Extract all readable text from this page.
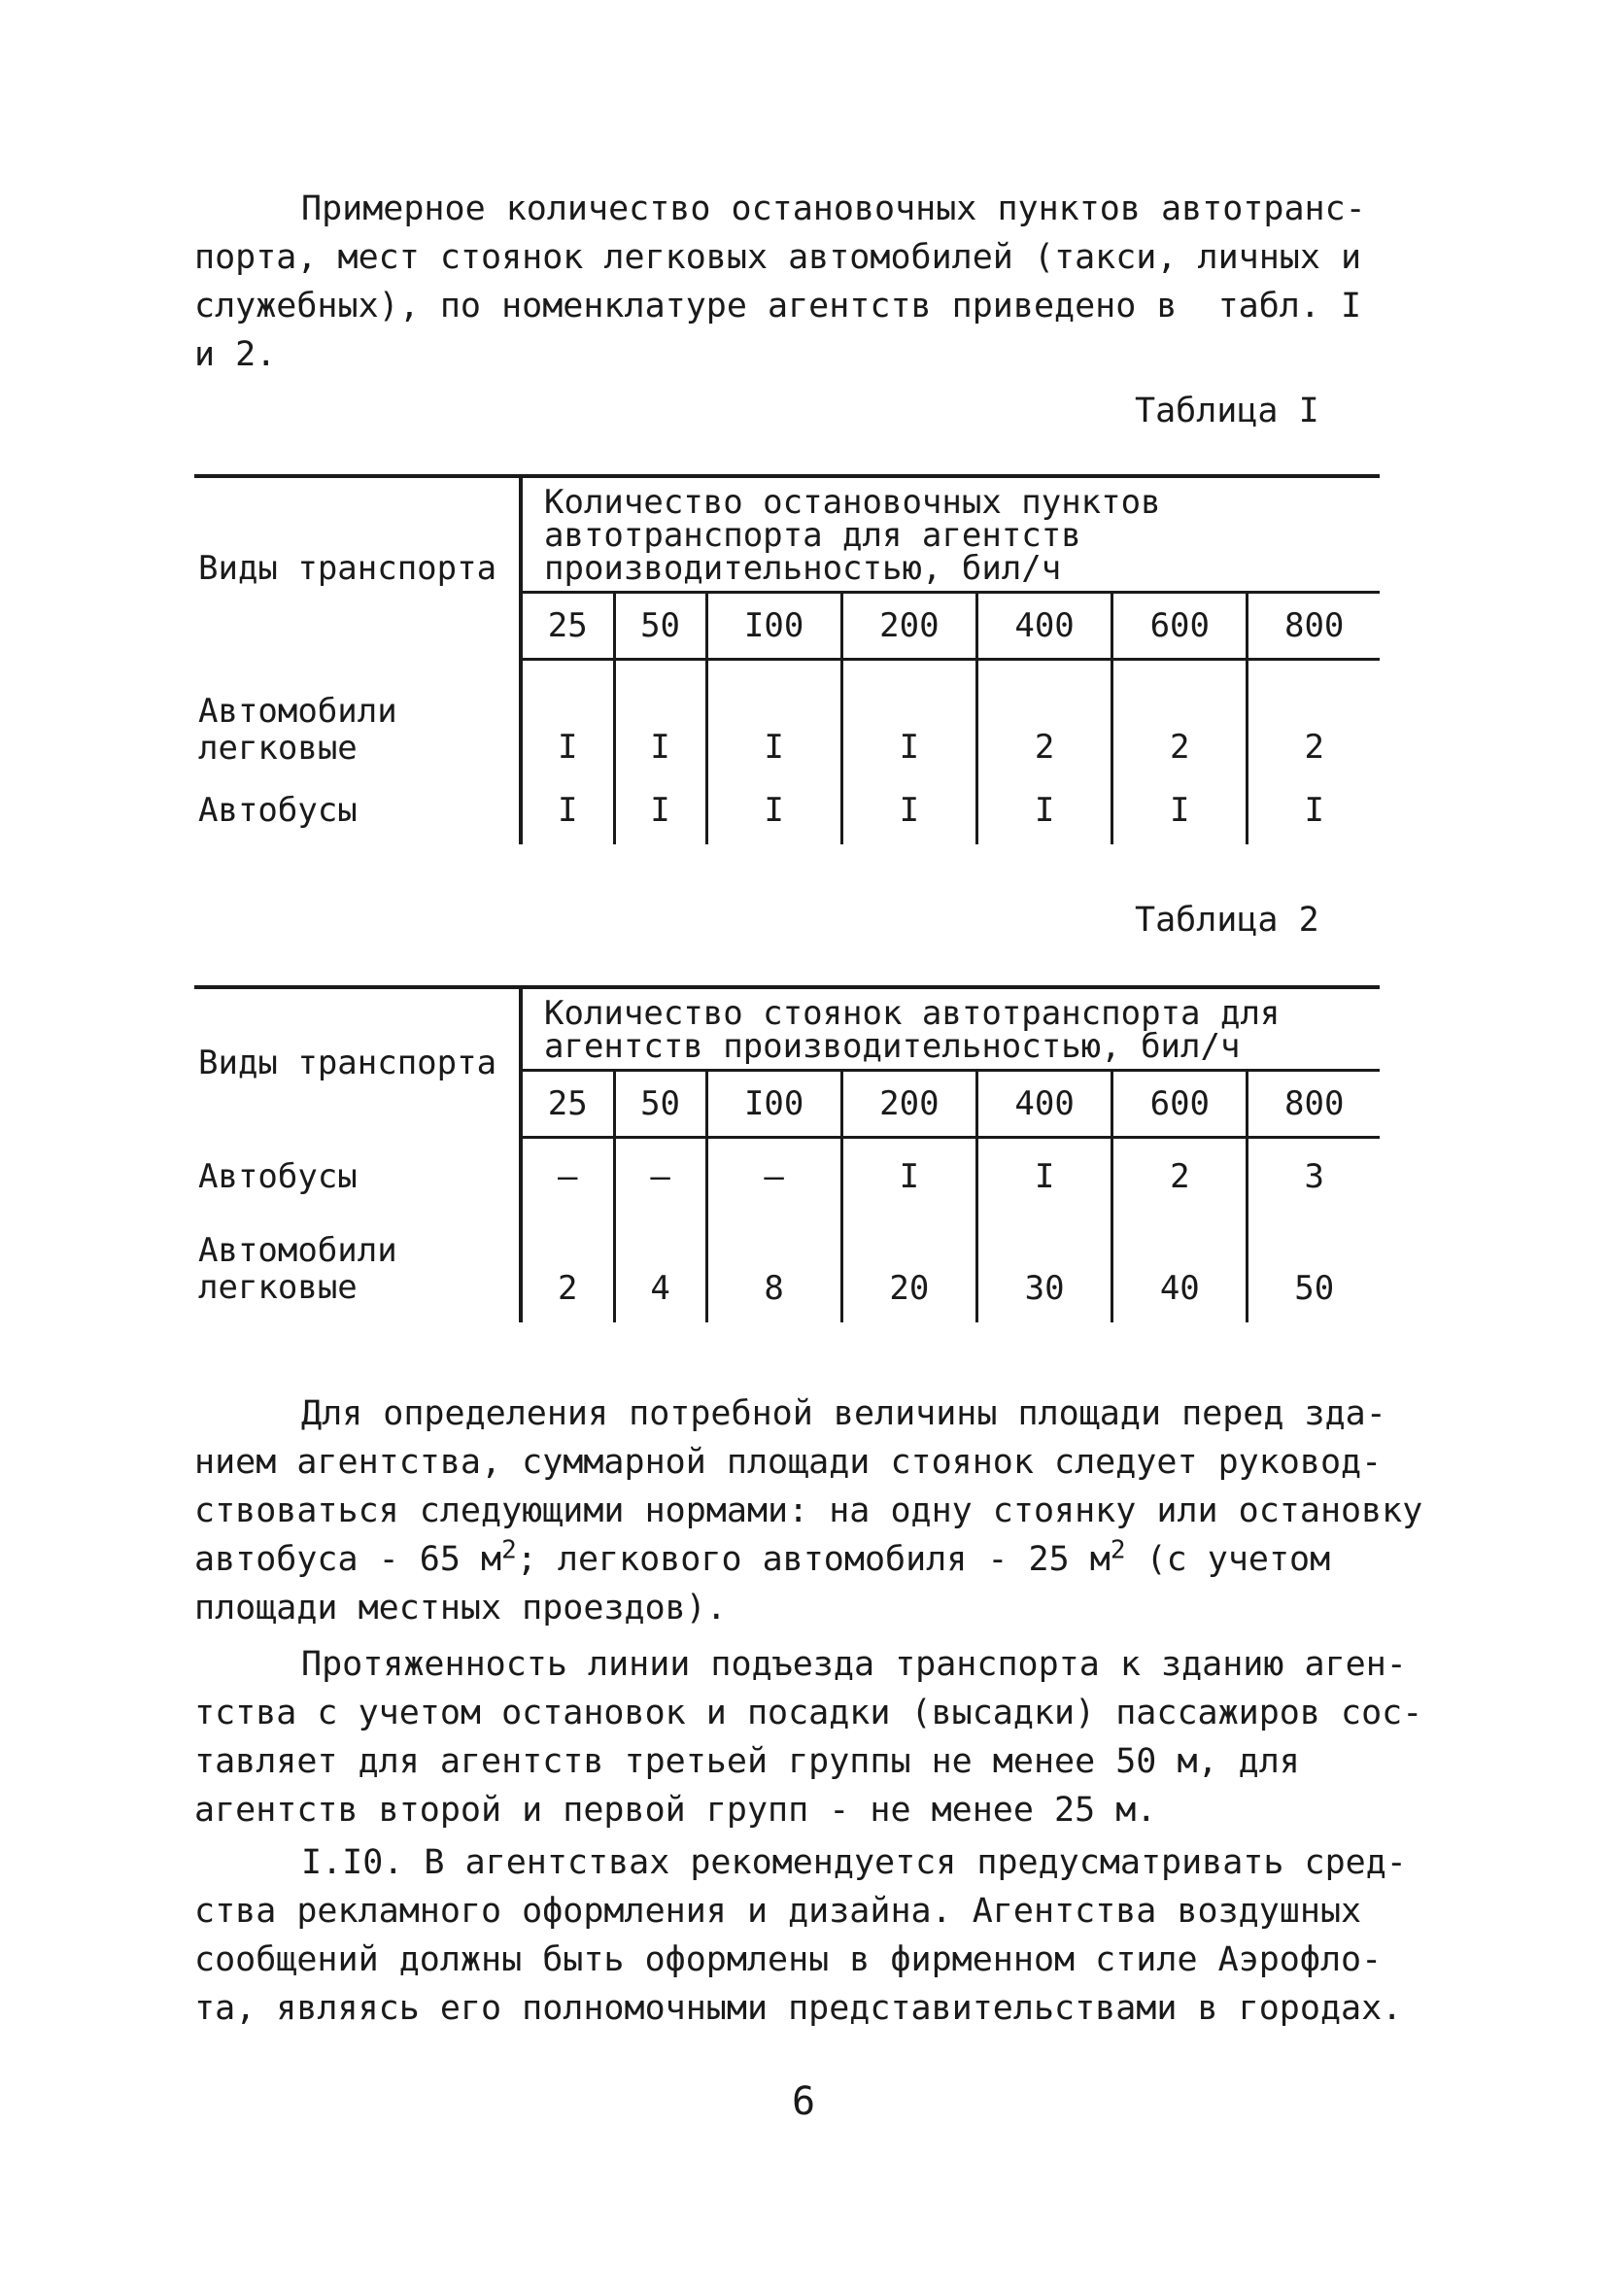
Примерное количество остановочных пунктов автотранс-
порта, мест стоянок легковых автомобилей (такси, личных и
служебных), по номенклатуре агентств приведено в  табл. I
и 2.
Таблица I
Виды транспорта	Количество остановочных пунктов автотранспорта для агентств производительностью, бил/ч						
	25	50	I00	200	400	600	800
Автомобили легковые	I	I	I	I	2	2	2
Автобусы	I	I	I	I	I	I	I
Таблица 2
Виды транспорта	Количество стоянок автотранспорта для агентств производительностью, бил/ч						
	25	50	I00	200	400	600	800
Автобусы	–	–	–	I	I	2	3
Автомобили легковые	2	4	8	20	30	40	50
Для определения потребной величины площади перед зда-
нием агентства, суммарной площади стоянок следует руковод-
ствоваться следующими нормами: на одну стоянку или остановку
автобуса - 65 $м^2$; легкового автомобиля - 25 $м^2$ (с учетом
площади местных проездов).
Протяженность линии подъезда транспорта к зданию аген-
тства с учетом остановок и посадки (высадки) пассажиров сос-
тавляет для агентств третьей группы не менее 50 м, для
агентств второй и первой групп - не менее 25 м.
I.I0. В агентствах рекомендуется предусматривать сред-
ства рекламного оформления и дизайна. Агентства воздушных
сообщений должны быть оформлены в фирменном стиле Аэрофло-
та, являясь его полномочными представительствами в городах.
6
